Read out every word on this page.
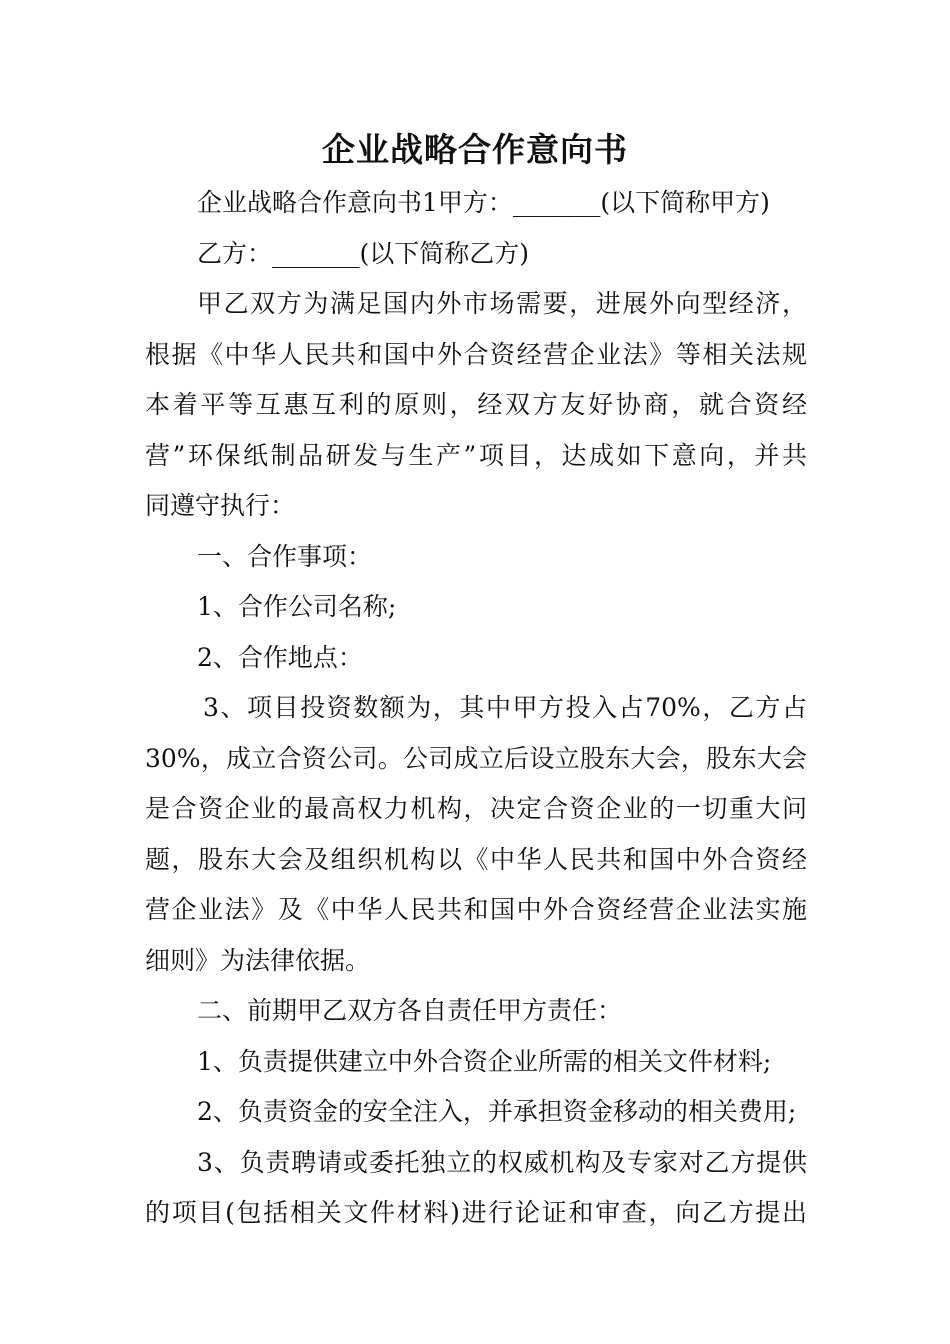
企业战略合作意向书
企业战略合作意向书1甲方：_______(以下简称甲方)
乙方：_______(以下简称乙方)
甲乙双方为满足国内外市场需要，进展外向型经济，
根据《中华人民共和国中外合资经营企业法》等相关法规
本着平等互惠互利的原则，经双方友好协商，就合资经
营”环保纸制品研发与生产”项目，达成如下意向，并共
同遵守执行：
一、合作事项：
1、合作公司名称;
2、合作地点：
3、项目投资数额为，其中甲方投入占70%，乙方占
30%，成立合资公司。公司成立后设立股东大会，股东大会
是合资企业的最高权力机构，决定合资企业的一切重大问
题，股东大会及组织机构以《中华人民共和国中外合资经
营企业法》及《中华人民共和国中外合资经营企业法实施
细则》为法律依据。
二、前期甲乙双方各自责任甲方责任：
1、负责提供建立中外合资企业所需的相关文件材料;
2、负责资金的安全注入，并承担资金移动的相关费用;
3、负责聘请或委托独立的权威机构及专家对乙方提供
的项目(包括相关文件材料)进行论证和审查，向乙方提出
